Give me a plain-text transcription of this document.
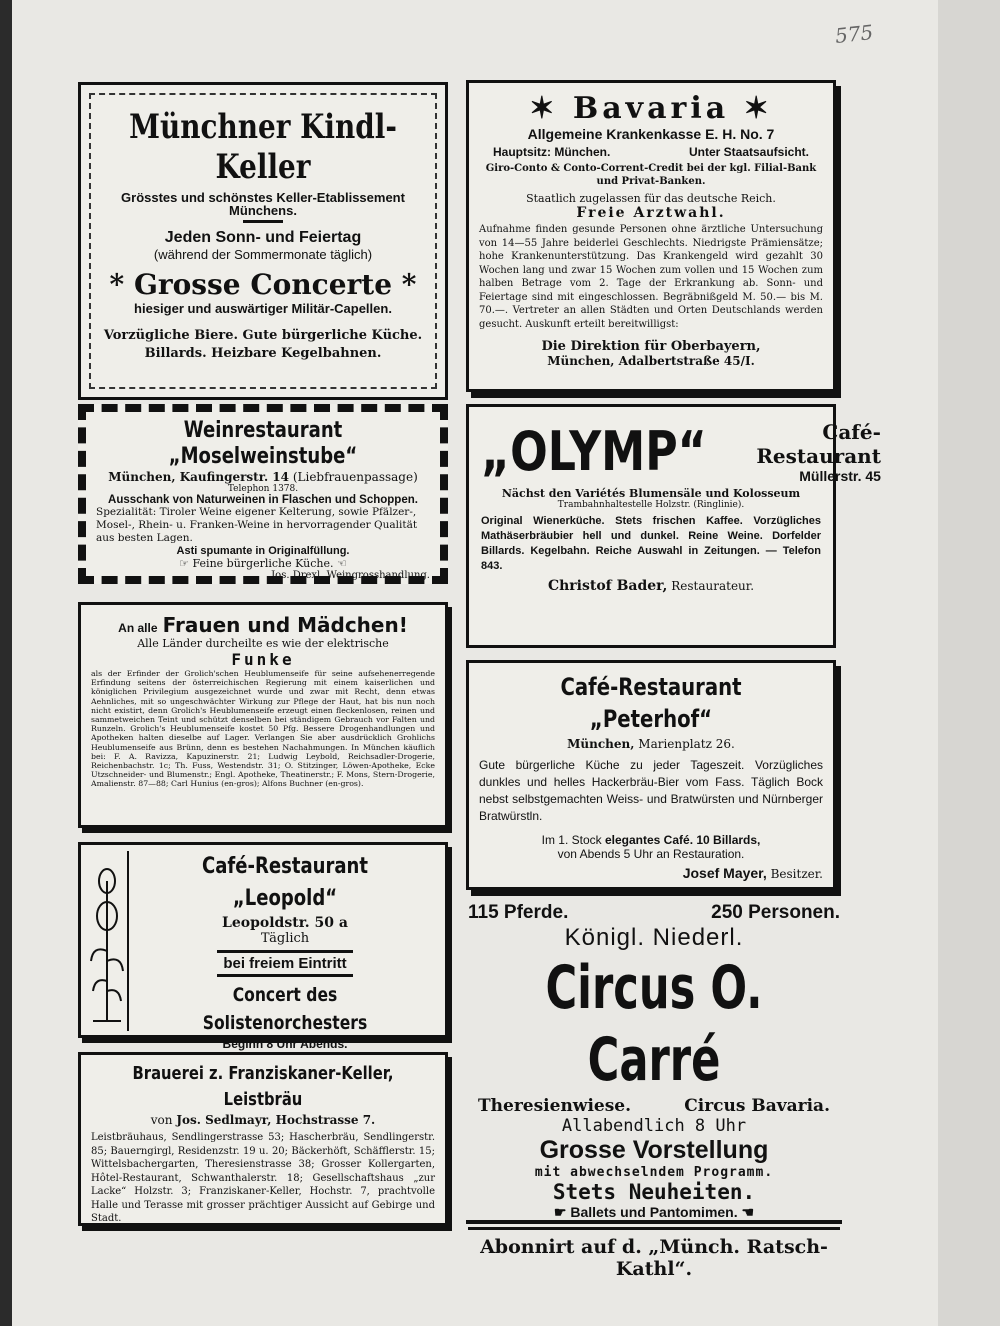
575
Münchner Kindl-Keller
Grösstes und schönstes Keller-Etablissement
Münchens.
Jeden Sonn- und Feiertag
(während der Sommermonate täglich)
* Grosse Concerte *
hiesiger und auswärtiger Militär-Capellen.
Vorzügliche Biere. Gute bürgerliche Küche.
Billards. Heizbare Kegelbahnen.
✶ Bavaria ✶
Allgemeine Krankenkasse E. H. No. 7
Hauptsitz: München.	Unter Staatsaufsicht.
Giro-Conto & Conto-Corrent-Credit bei der kgl. Filial-Bank
und Privat-Banken.
Staatlich zugelassen für das deutsche Reich.
Freie Arztwahl.
Aufnahme finden gesunde Personen ohne ärztliche Untersuchung von 14—55 Jahre beiderlei Geschlechts. Niedrigste Prämiensätze; hohe Krankenunterstützung. Das Krankengeld wird gezahlt 30 Wochen lang und zwar 15 Wochen zum vollen und 15 Wochen zum halben Betrage vom 2. Tage der Erkrankung ab. Sonn- und Feiertage sind mit eingeschlossen. Begräbnißgeld M. 50.— bis M. 70.—. Vertreter an allen Städten und Orten Deutschlands werden gesucht. Auskunft erteilt bereitwilligst:
Die Direktion für Oberbayern,
München, Adalbertstraße 45/I.
Weinrestaurant „Moselweinstube“
München, Kaufingerstr. 14 (Liebfrauenpassage)
Telephon 1378.
Ausschank von Naturweinen in Flaschen und Schoppen.
Spezialität: Tiroler Weine eigener Kelterung, sowie Pfälzer-, Mosel-, Rhein- u. Franken-Weine in hervorragender Qualität aus besten Lagen.
Asti spumante in Originalfüllung.
☞ Feine bürgerliche Küche. ☜
Jos. Drexl, Weingrosshandlung.
„OLYMP“	Café-
Restaurant
Müllerstr. 45
Nächst den Variétés Blumensäle und Kolosseum
Trambahnhaltestelle Holzstr. (Ringlinie).
Original Wienerküche. Stets frischen Kaffee. Vorzügliches Mathäserbräubier hell und dunkel. Reine Weine. Dorfelder Billards. Kegelbahn. Reiche Auswahl in Zeitungen. — Telefon 843.
Christof Bader, Restaurateur.
An alle Frauen und Mädchen!
Alle Länder durcheilte es wie der elektrische
Funke
als der Erfinder der Grolich'schen Heublumenseife für seine aufsehenerregende Erfindung seitens der österreichischen Regierung mit einem kaiserlichen und königlichen Privilegium ausgezeichnet wurde und zwar mit Recht, denn etwas Aehnliches, mit so ungeschwächter Wirkung zur Pflege der Haut, hat bis nun noch nicht existirt, denn Grolich's Heublumenseife erzeugt einen fleckenlosen, reinen und sammetweichen Teint und schützt denselben bei ständigem Gebrauch vor Falten und Runzeln. Grolich's Heublumenseife kostet 50 Pfg. Bessere Drogenhandlungen und Apotheken halten dieselbe auf Lager. Verlangen Sie aber ausdrücklich Grohlichs Heublumenseife aus Brünn, denn es bestehen Nachahmungen. In München käuflich bei: F. A. Ravizza, Kapuzinerstr. 21; Ludwig Leybold, Reichsadler-Drogerie, Reichenbachstr. 1c; Th. Fuss, Westendstr. 31; O. Stitzinger, Löwen-Apotheke, Ecke Utzschneider- und Blumenstr.; Engl. Apotheke, Theatinerstr.; F. Mons, Stern-Drogerie, Amalienstr. 87—88; Carl Hunius (en-gros); Alfons Buchner (en-gros).
Café-Restaurant „Peterhof“
München, Marienplatz 26.
Gute bürgerliche Küche zu jeder Tageszeit. Vorzügliches dunkles und helles Hackerbräu-Bier vom Fass. Täglich Bock nebst selbstgemachten Weiss- und Bratwürsten und Nürnberger Bratwürstln.
Im 1. Stock elegantes Café. 10 Billards,
von Abends 5 Uhr an Restauration.
Josef Mayer, Besitzer.
Café-Restaurant „Leopold“
Leopoldstr. 50 a
Täglich
bei freiem Eintritt
Concert des Solistenorchesters
Beginn 8 Uhr Abends.
115 Pferde.	250 Personen.
Königl. Niederl.
Circus O. Carré
Theresienwiese.	Circus Bavaria.
Allabendlich 8 Uhr
Grosse Vorstellung
mit abwechselndem Programm.
Stets Neuheiten.
☛ Ballets und Pantomimen. ☚
Abonnirt auf d. „Münch. Ratsch-Kathl“.
Brauerei z. Franziskaner-Keller, Leistbräu
von Jos. Sedlmayr, Hochstrasse 7.
Leistbräuhaus, Sendlingerstrasse 53; Hascherbräu, Sendlingerstr. 85; Bauerngirgl, Residenzstr. 19 u. 20; Bäckerhöft, Schäfflerstr. 15; Wittelsbachergarten, Theresienstrasse 38; Grosser Kollergarten, Hôtel-Restaurant, Schwanthalerstr. 18; Gesellschaftshaus „zur Lacke“ Holzstr. 3; Franziskaner-Keller, Hochstr. 7, prachtvolle Halle und Terasse mit grosser prächtiger Aussicht auf Gebirge und Stadt.
